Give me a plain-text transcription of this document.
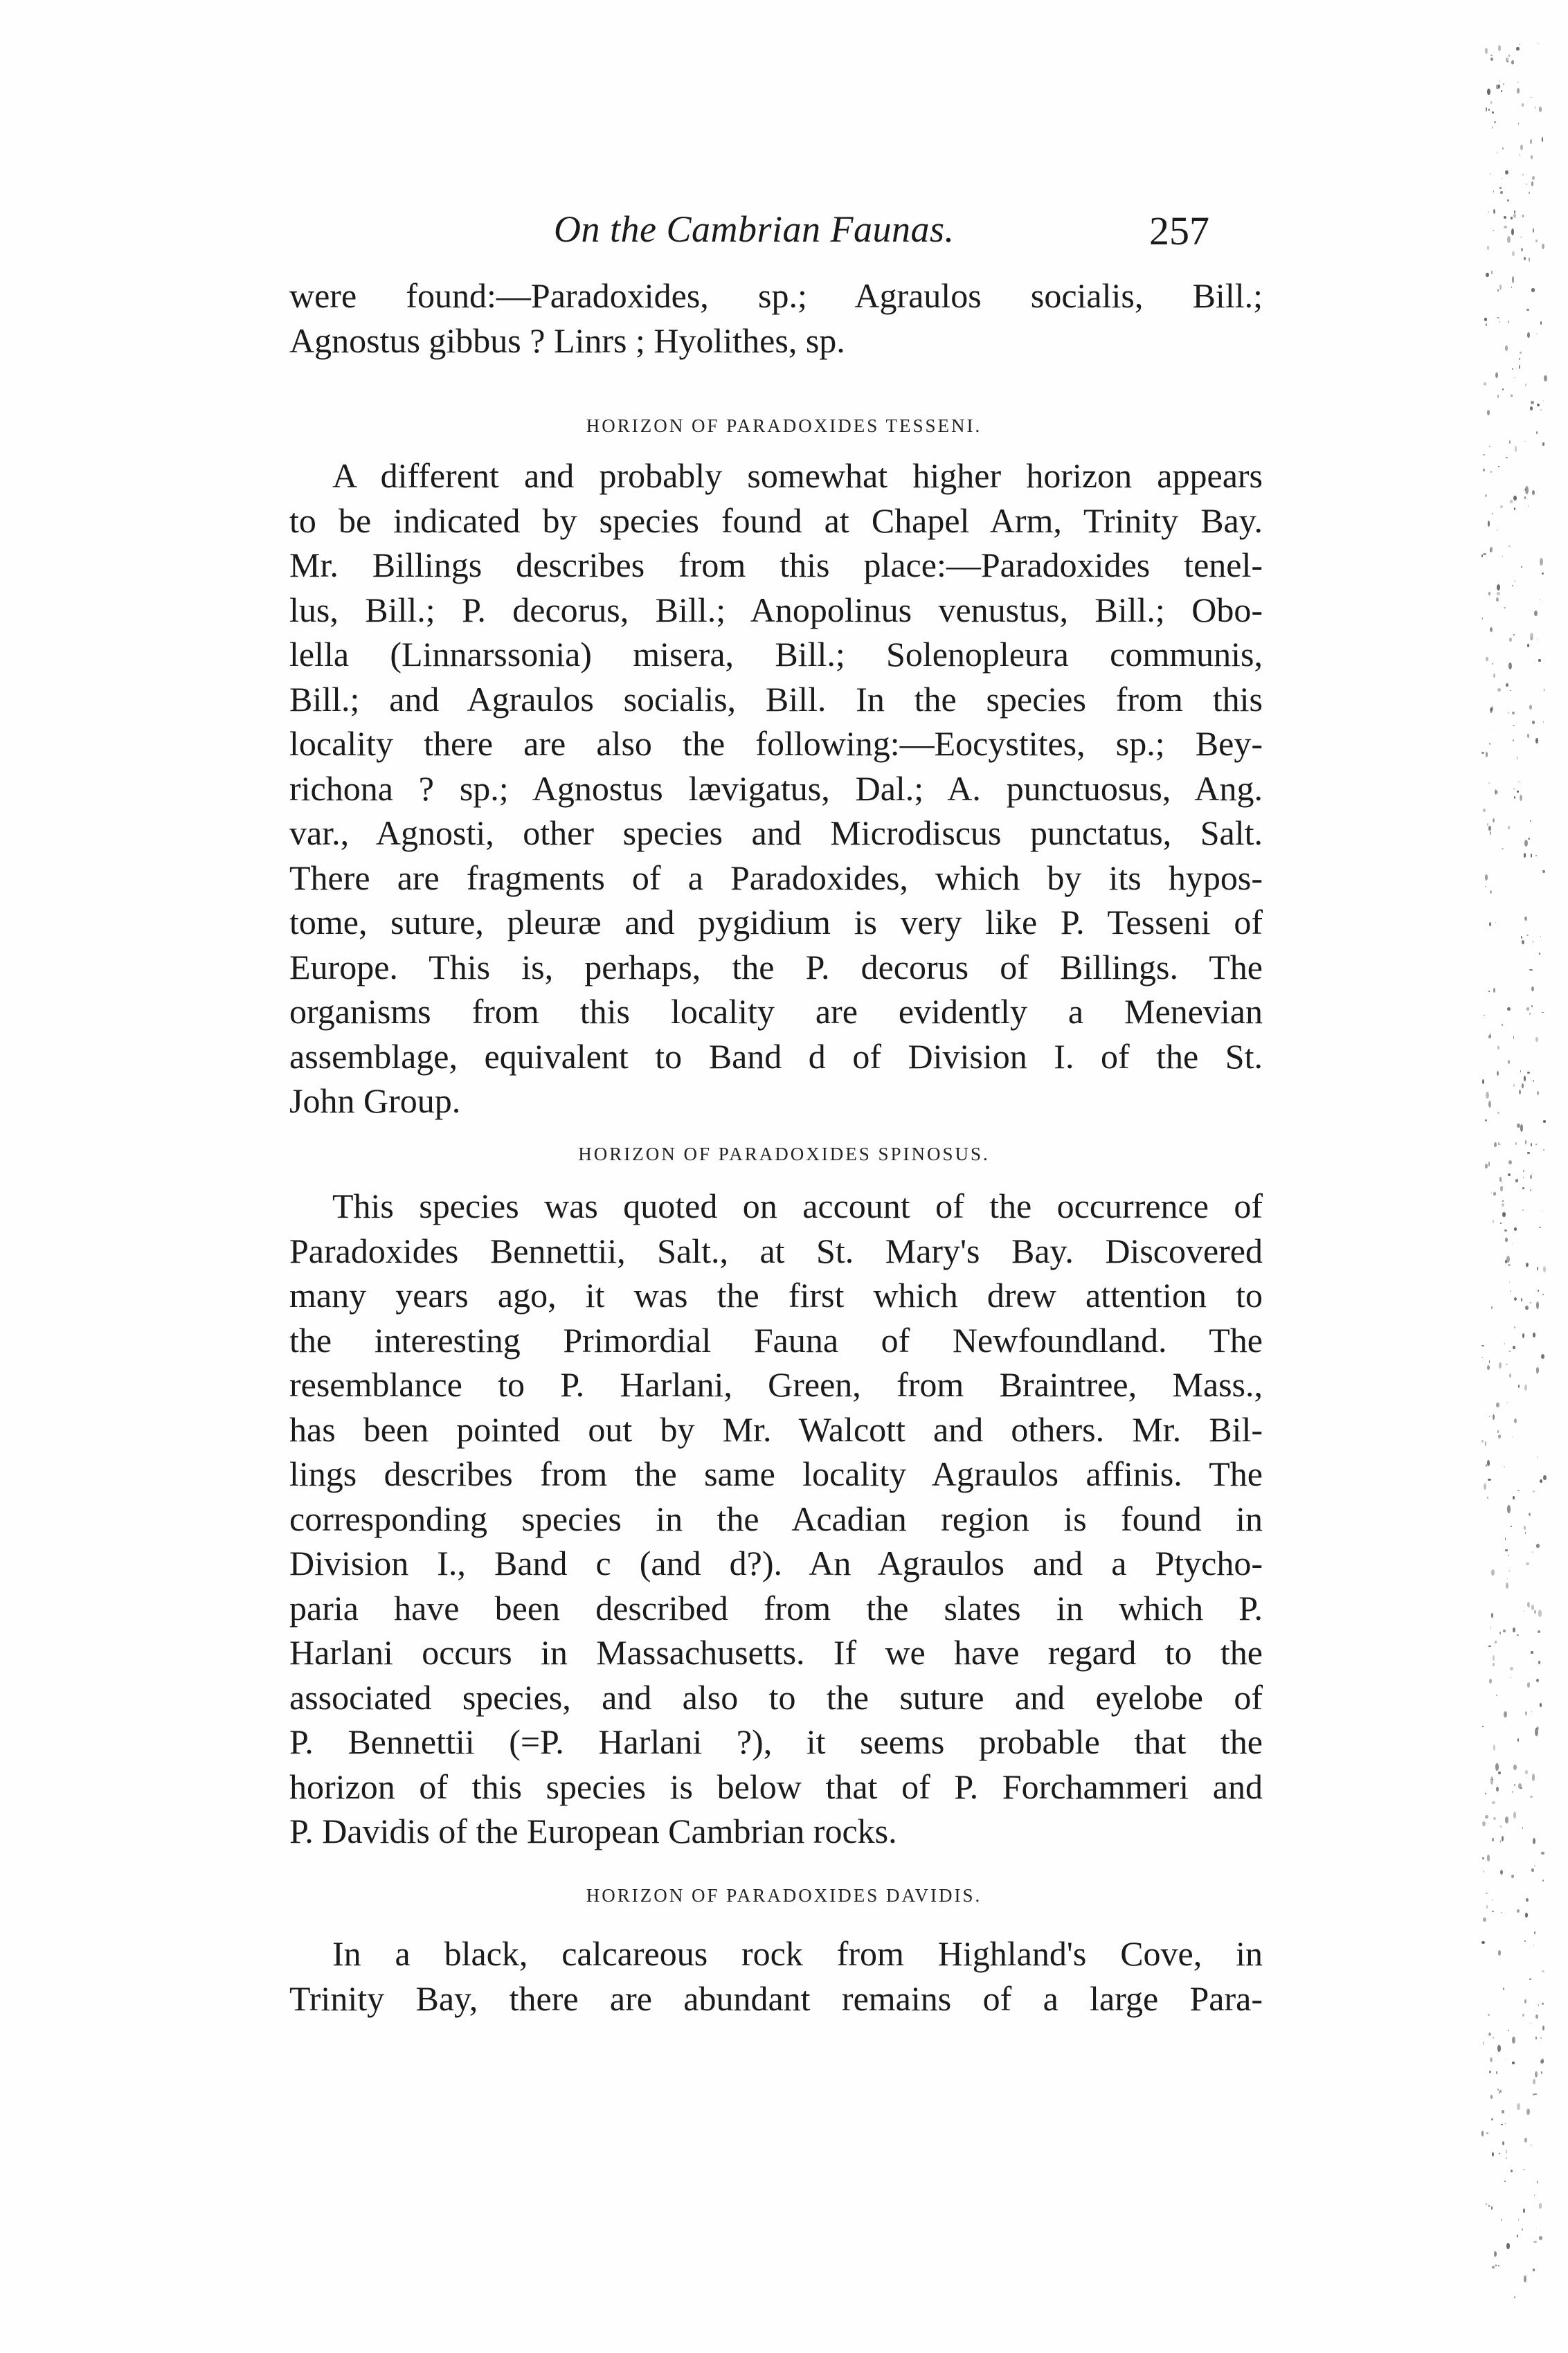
On the Cambrian Faunas.	257
were found:—Paradoxides, sp.; Agraulos socialis, Bill.;
Agnostus gibbus ? Linrs ; Hyolithes, sp.
HORIZON OF PARADOXIDES TESSENI.
A different and probably somewhat higher horizon appears
to be indicated by species found at Chapel Arm, Trinity Bay.
Mr. Billings describes from this place:—Paradoxides tenel-
lus, Bill.; P. decorus, Bill.; Anopolinus venustus, Bill.; Obo-
lella (Linnarssonia) misera, Bill.; Solenopleura communis,
Bill.; and Agraulos socialis, Bill. In the species from this
locality there are also the following:—Eocystites, sp.; Bey-
richona ? sp.; Agnostus lævigatus, Dal.; A. punctuosus, Ang.
var., Agnosti, other species and Microdiscus punctatus, Salt.
There are fragments of a Paradoxides, which by its hypos-
tome, suture, pleuræ and pygidium is very like P. Tesseni of
Europe. This is, perhaps, the P. decorus of Billings. The
organisms from this locality are evidently a Menevian
assemblage, equivalent to Band d of Division I. of the St.
John Group.
HORIZON OF PARADOXIDES SPINOSUS.
This species was quoted on account of the occurrence of
Paradoxides Bennettii, Salt., at St. Mary's Bay. Discovered
many years ago, it was the first which drew attention to
the interesting Primordial Fauna of Newfoundland. The
resemblance to P. Harlani, Green, from Braintree, Mass.,
has been pointed out by Mr. Walcott and others. Mr. Bil-
lings describes from the same locality Agraulos affinis. The
corresponding species in the Acadian region is found in
Division I., Band c (and d?). An Agraulos and a Ptycho-
paria have been described from the slates in which P.
Harlani occurs in Massachusetts. If we have regard to the
associated species, and also to the suture and eyelobe of
P. Bennettii (=P. Harlani ?), it seems probable that the
horizon of this species is below that of P. Forchammeri and
P. Davidis of the European Cambrian rocks.
HORIZON OF PARADOXIDES DAVIDIS.
In a black, calcareous rock from Highland's Cove, in
Trinity Bay, there are abundant remains of a large Para-
